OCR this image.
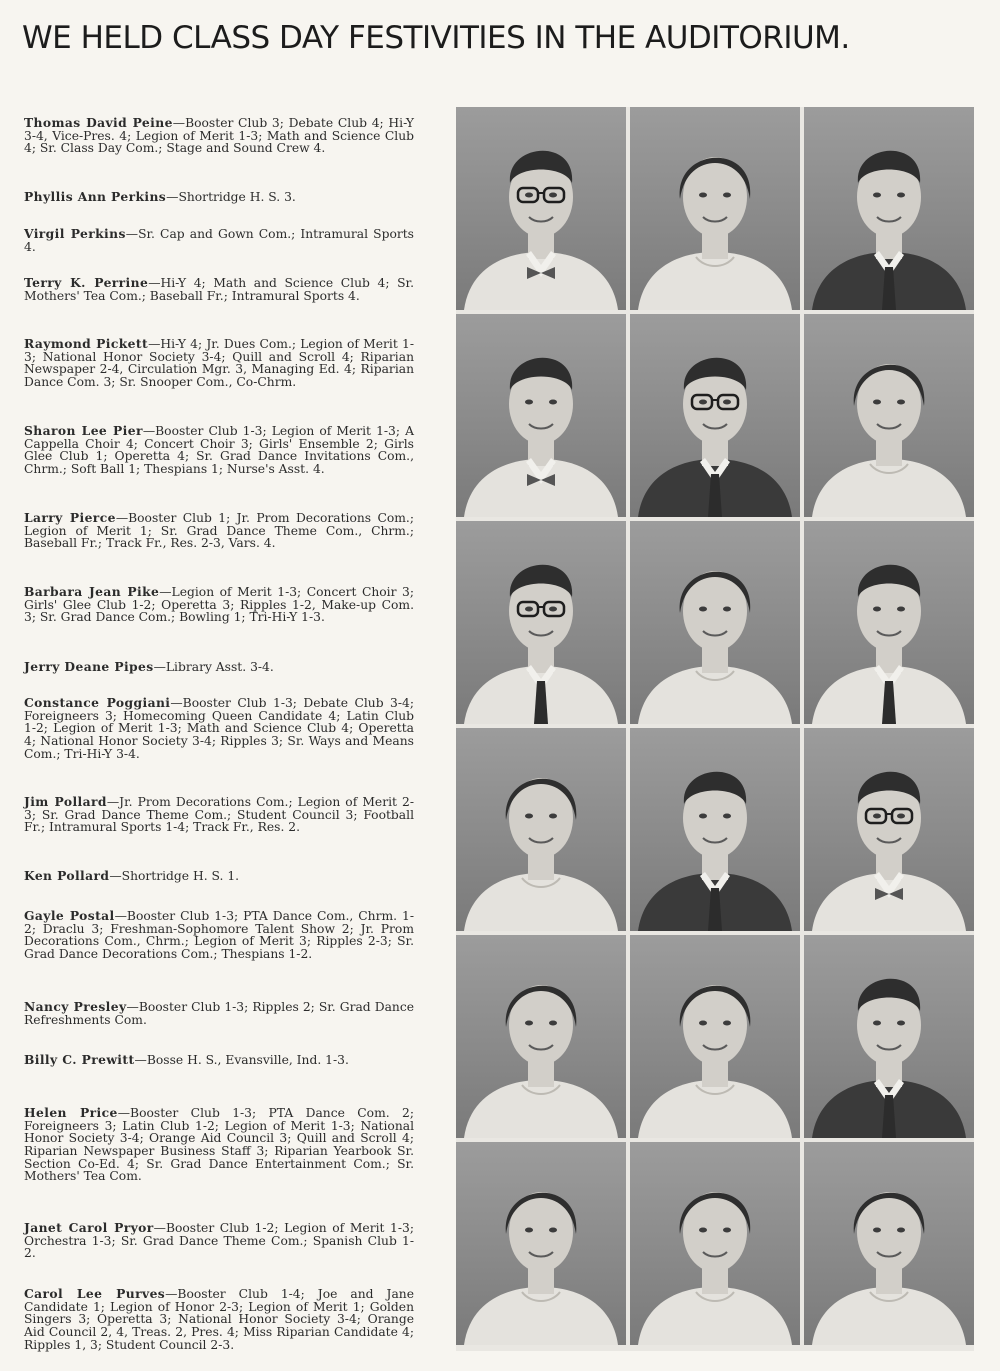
WE HELD CLASS DAY FESTIVITIES IN THE AUDITORIUM.

Thomas David Peine—Booster Club 3; Debate Club 4; Hi-Y 3-4, Vice-Pres. 4; Legion of Merit 1-3; Math and Science Club 4; Sr. Class Day Com.; Stage and Sound Crew 4.

Phyllis Ann Perkins—Shortridge H. S. 3.

Virgil Perkins—Sr. Cap and Gown Com.; Intramural Sports 4.

Terry K. Perrine—Hi-Y 4; Math and Science Club 4; Sr. Mothers' Tea Com.; Baseball Fr.; Intramural Sports 4.

Raymond Pickett—Hi-Y 4; Jr. Dues Com.; Legion of Merit 1-3; National Honor Society 3-4; Quill and Scroll 4; Riparian Newspaper 2-4, Circulation Mgr. 3, Managing Ed. 4; Riparian Dance Com. 3; Sr. Snooper Com., Co-Chrm.

Sharon Lee Pier—Booster Club 1-3; Legion of Merit 1-3; A Cappella Choir 4; Concert Choir 3; Girls' Ensemble 2; Girls Glee Club 1; Operetta 4; Sr. Grad Dance Invitations Com., Chrm.; Soft Ball 1; Thespians 1; Nurse's Asst. 4.

Larry Pierce—Booster Club 1; Jr. Prom Decorations Com.; Legion of Merit 1; Sr. Grad Dance Theme Com., Chrm.; Baseball Fr.; Track Fr., Res. 2-3, Vars. 4.

Barbara Jean Pike—Legion of Merit 1-3; Concert Choir 3; Girls' Glee Club 1-2; Operetta 3; Ripples 1-2, Make-up Com. 3; Sr. Grad Dance Com.; Bowling 1; Tri-Hi-Y 1-3.

Jerry Deane Pipes—Library Asst. 3-4.

Constance Poggiani—Booster Club 1-3; Debate Club 3-4; Foreigneers 3; Homecoming Queen Candidate 4; Latin Club 1-2; Legion of Merit 1-3; Math and Science Club 4; Operetta 4; National Honor Society 3-4; Ripples 3; Sr. Ways and Means Com.; Tri-Hi-Y 3-4.

Jim Pollard—Jr. Prom Decorations Com.; Legion of Merit 2-3; Sr. Grad Dance Theme Com.; Student Council 3; Football Fr.; Intramural Sports 1-4; Track Fr., Res. 2.

Ken Pollard—Shortridge H. S. 1.

Gayle Postal—Booster Club 1-3; PTA Dance Com., Chrm. 1-2; Draclu 3; Freshman-Sophomore Talent Show 2; Jr. Prom Decorations Com., Chrm.; Legion of Merit 3; Ripples 2-3; Sr. Grad Dance Decorations Com.; Thespians 1-2.

Nancy Presley—Booster Club 1-3; Ripples 2; Sr. Grad Dance Refreshments Com.

Billy C. Prewitt—Bosse H. S., Evansville, Ind. 1-3.

Helen Price—Booster Club 1-3; PTA Dance Com. 2; Foreigneers 3; Latin Club 1-2; Legion of Merit 1-3; National Honor Society 3-4; Orange Aid Council 3; Quill and Scroll 4; Riparian Newspaper Business Staff 3; Riparian Yearbook Sr. Section Co-Ed. 4; Sr. Grad Dance Entertainment Com.; Sr. Mothers' Tea Com.

Janet Carol Pryor—Booster Club 1-2; Legion of Merit 1-3; Orchestra 1-3; Sr. Grad Dance Theme Com.; Spanish Club 1-2.

Carol Lee Purves—Booster Club 1-4; Joe and Jane Candidate 1; Legion of Honor 2-3; Legion of Merit 1; Golden Singers 3; Operetta 3; National Honor Society 3-4; Orange Aid Council 2, 4, Treas. 2, Pres. 4; Miss Riparian Candidate 4; Ripples 1, 3; Student Council 2-3.
